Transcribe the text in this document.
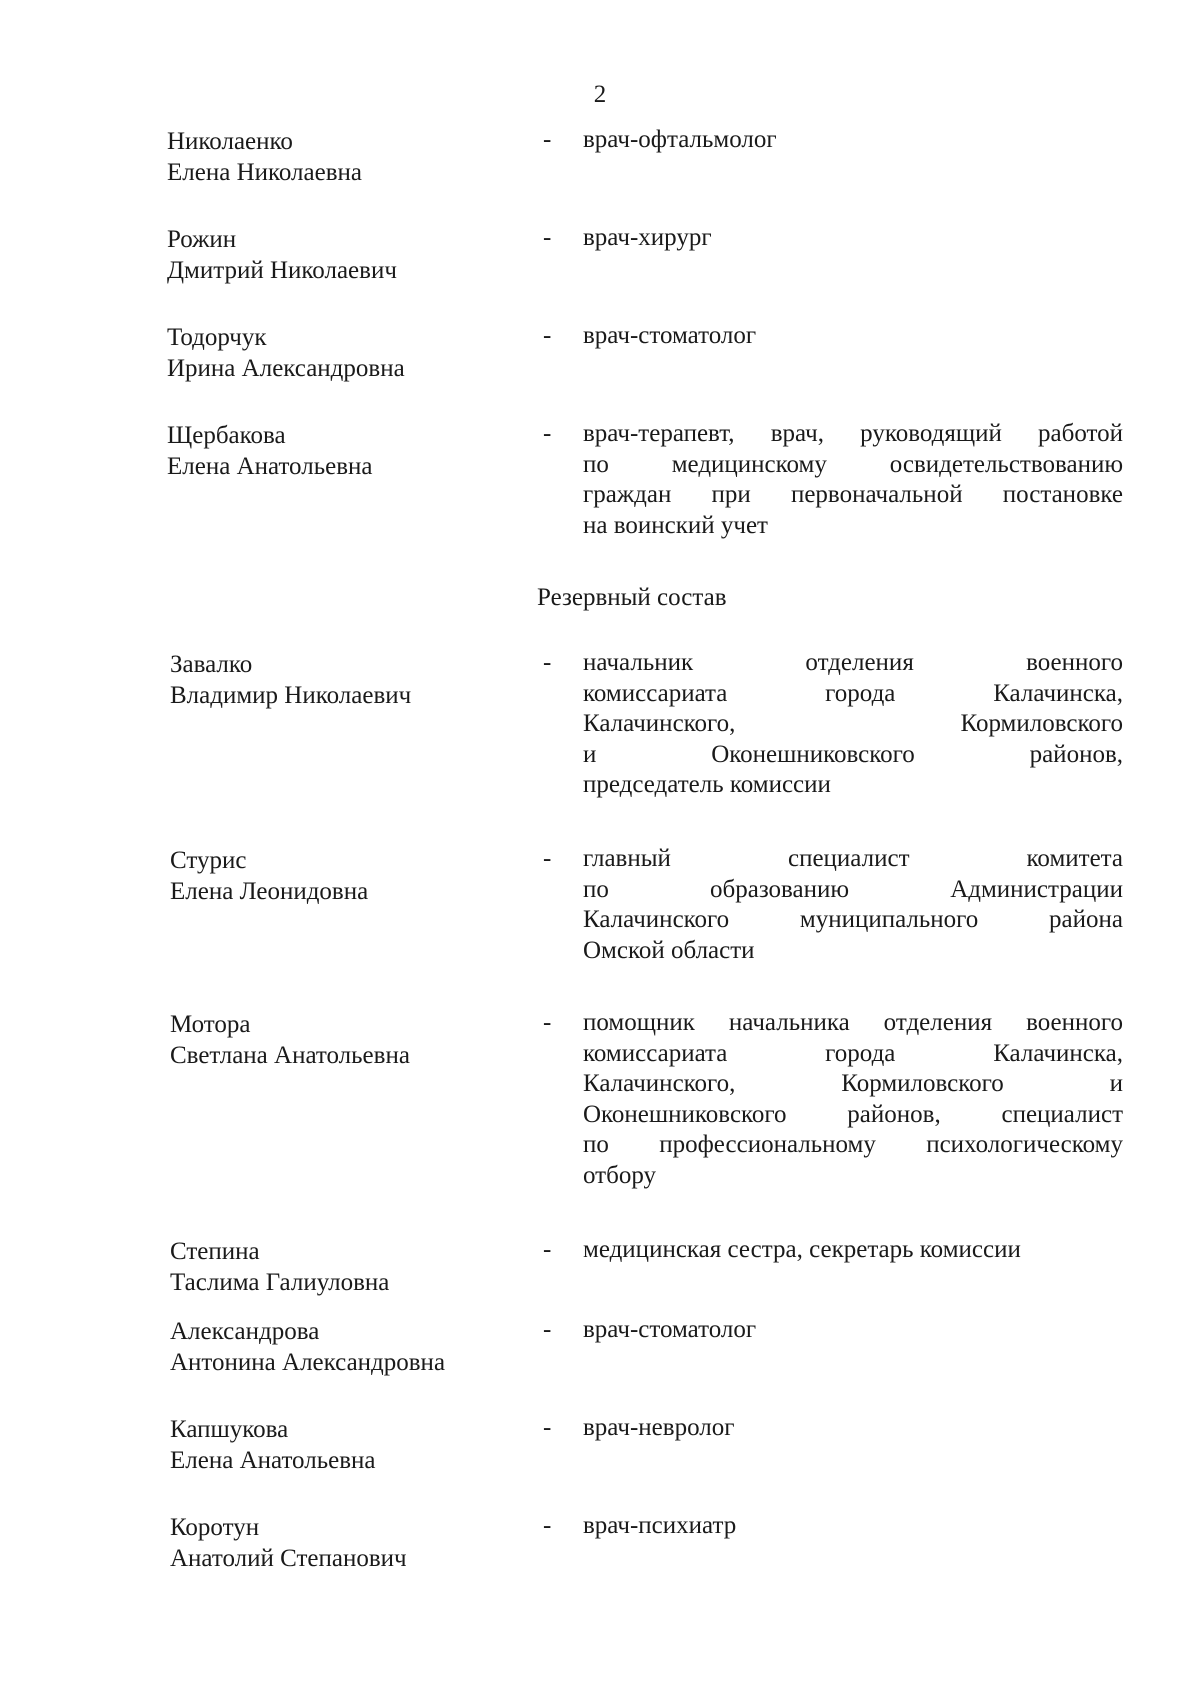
2
Николаенко
Елена Николаевна
- врач-офтальмолог
Рожин
Дмитрий Николаевич
- врач-хирург
Тодорчук
Ирина Александровна
- врач-стоматолог
Щербакова
Елена Анатольевна
- врач-терапевт, врач, руководящий работой
по медицинскому освидетельствованию
граждан при первоначальной постановке
на воинский учет
Резервный состав
Завалко
Владимир Николаевич
- начальник отделения военного
комиссариата города Калачинска,
Калачинского, Кормиловского
и Оконешниковского районов,
председатель комиссии
Стурис
Елена Леонидовна
- главный специалист комитета
по образованию Администрации
Калачинского муниципального района
Омской области
Мотора
Светлана Анатольевна
- помощник начальника отделения военного
комиссариата города Калачинска,
Калачинского, Кормиловского и
Оконешниковского районов, специалист
по профессиональному психологическому
отбору
Степина
Таслима Галиуловна
- медицинская сестра, секретарь комиссии
Александрова
Антонина Александровна
- врач-стоматолог
Капшукова
Елена Анатольевна
- врач-невролог
Коротун
Анатолий Степанович
- врач-психиатр
